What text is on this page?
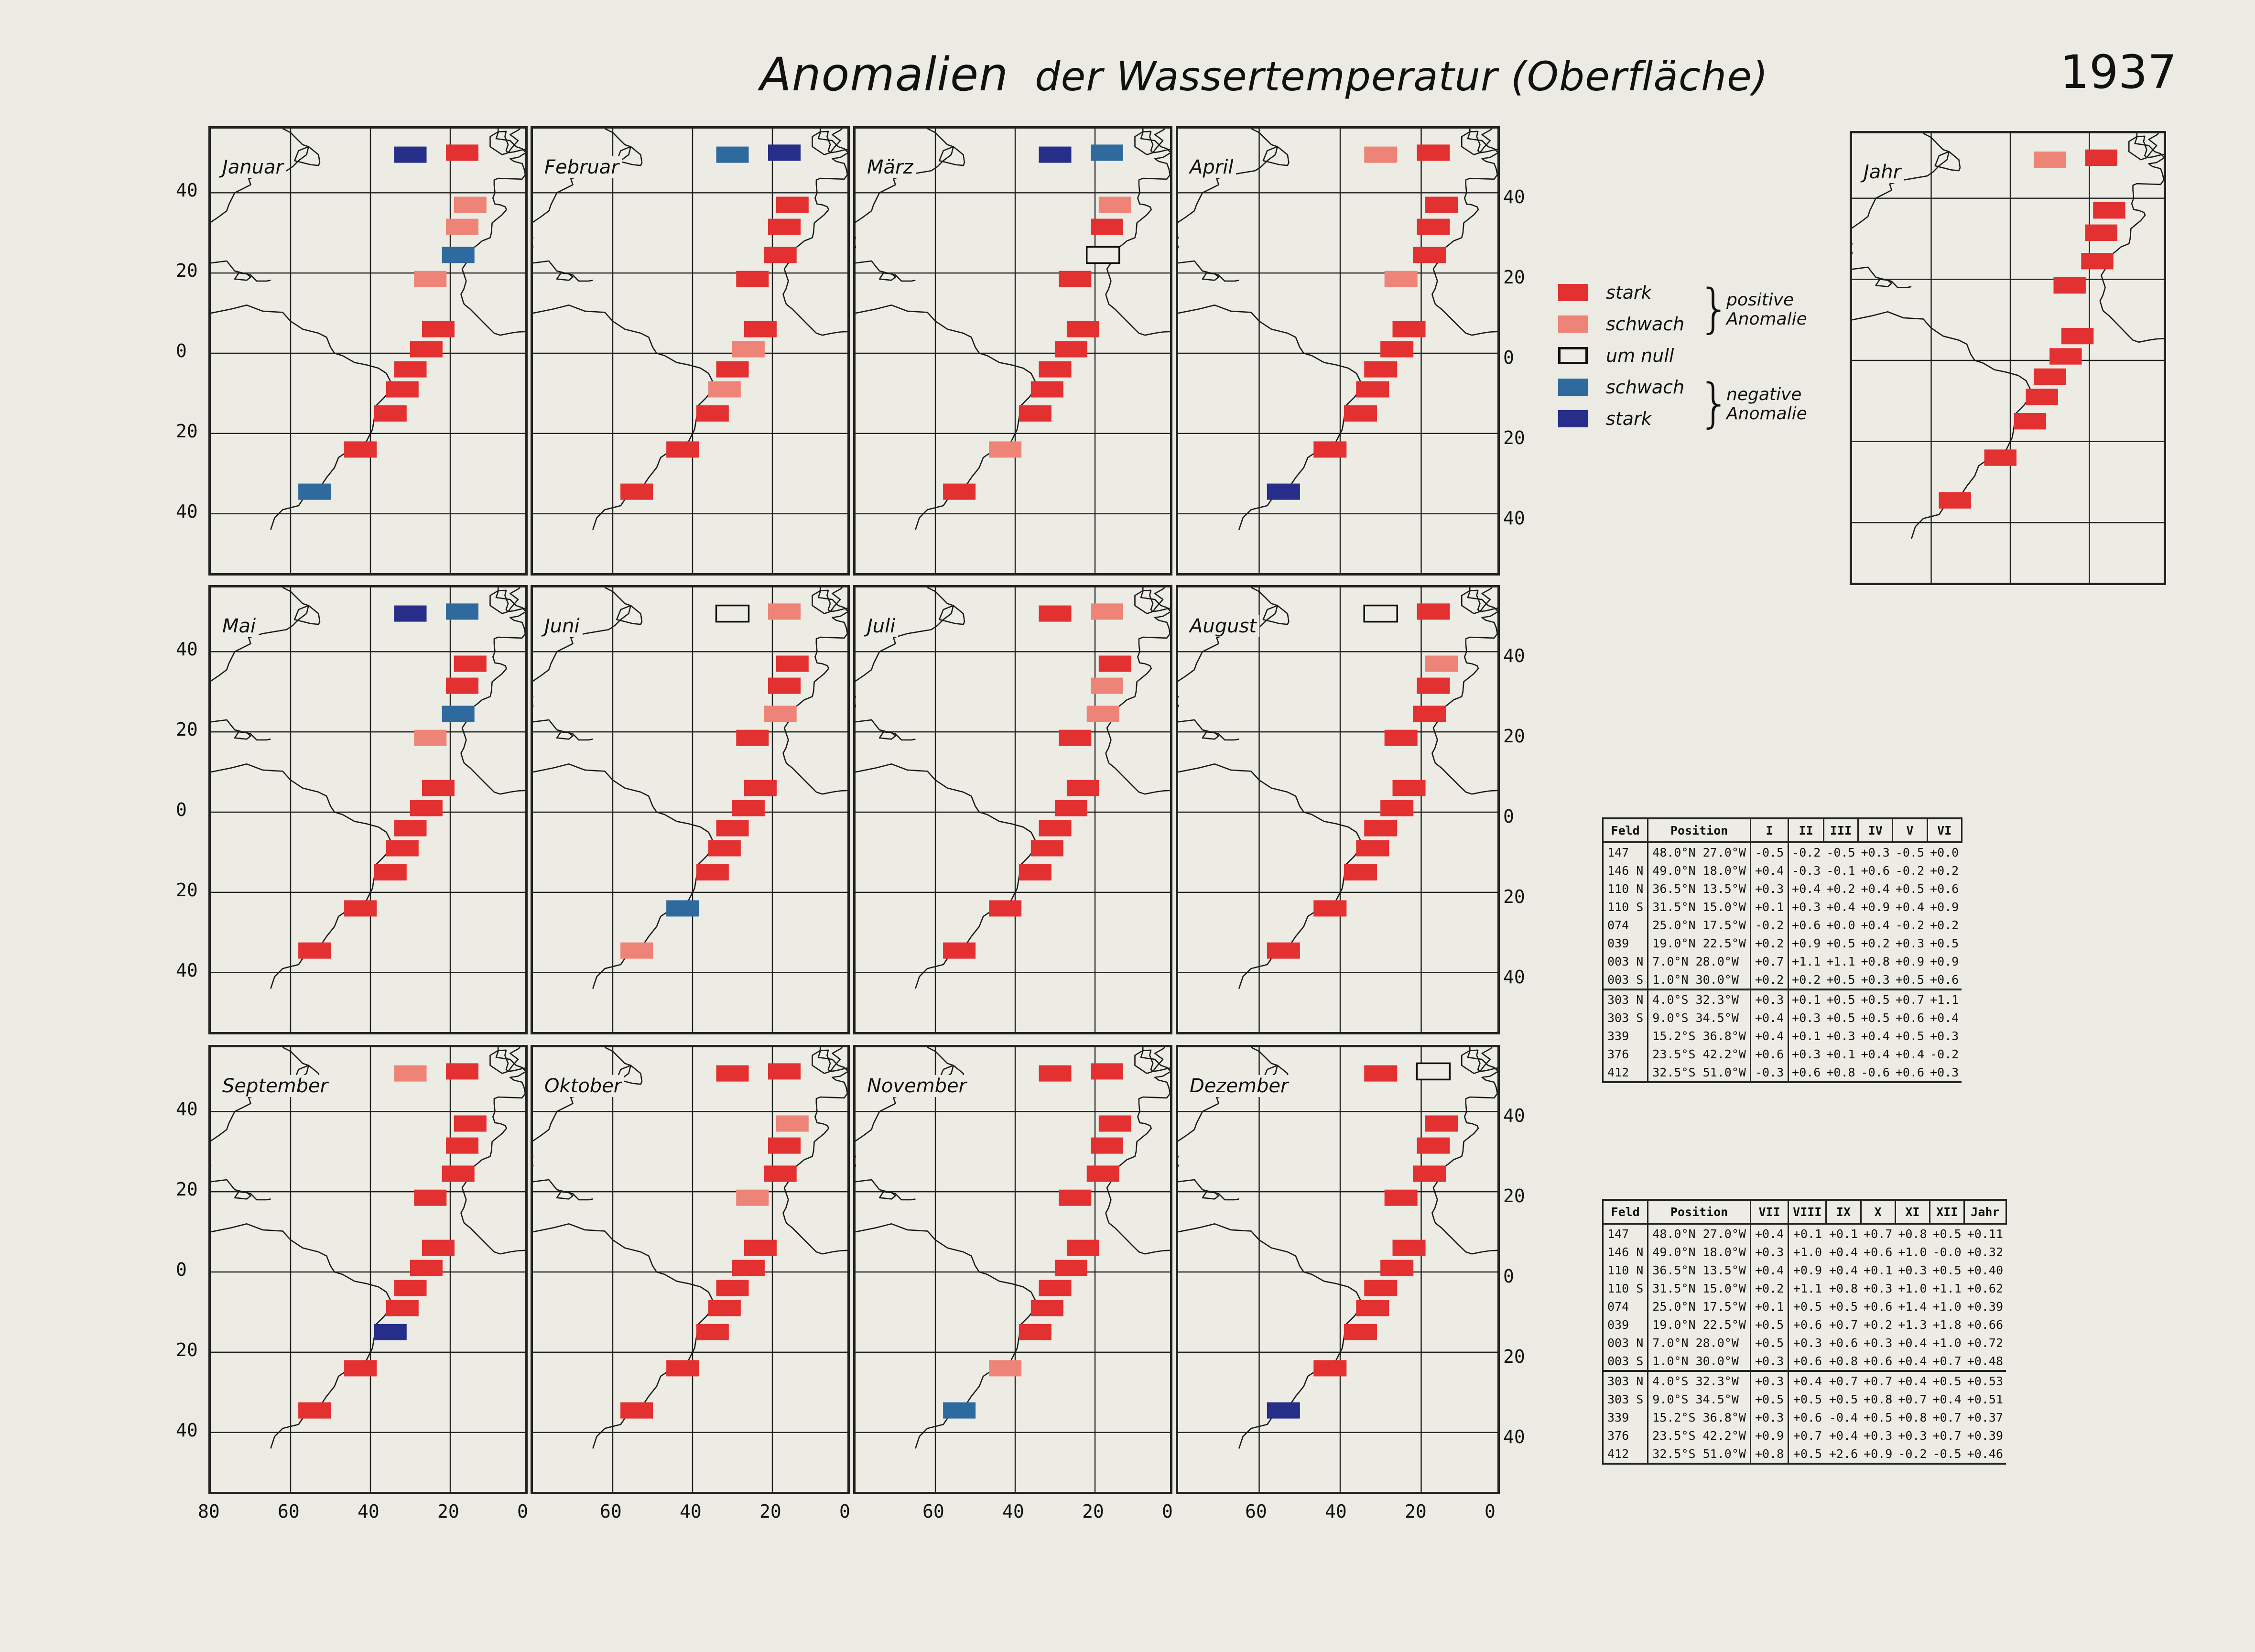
Anomalien der Wassertemperatur (Oberfläche)	1937
Januar	Februar	März	April
Mai	Juni	Juli	August
September	Oktober	November	Dezember
Jahr
stark
schwach
um null
schwach
stark
}
positive
Anomalie
}
negative
Anomalie
Feld	Position	I	II	III	IV	V	VI
147	48.0°N 27.0°W	-0.5	-0.2	-0.5	+0.3	-0.5	+0.0
146 N	49.0°N 18.0°W	+0.4	-0.3	-0.1	+0.6	-0.2	+0.2
110 N	36.5°N 13.5°W	+0.3	+0.4	+0.2	+0.4	+0.5	+0.6
110 S	31.5°N 15.0°W	+0.1	+0.3	+0.4	+0.9	+0.4	+0.9
074	25.0°N 17.5°W	-0.2	+0.6	+0.0	+0.4	-0.2	+0.2
039	19.0°N 22.5°W	+0.2	+0.9	+0.5	+0.2	+0.3	+0.5
003 N	7.0°N 28.0°W	+0.7	+1.1	+1.1	+0.8	+0.9	+0.9
003 S	1.0°N 30.0°W	+0.2	+0.2	+0.5	+0.3	+0.5	+0.6
303 N	4.0°S 32.3°W	+0.3	+0.1	+0.5	+0.5	+0.7	+1.1
303 S	9.0°S 34.5°W	+0.4	+0.3	+0.5	+0.5	+0.6	+0.4
339	15.2°S 36.8°W	+0.4	+0.1	+0.3	+0.4	+0.5	+0.3
376	23.5°S 42.2°W	+0.6	+0.3	+0.1	+0.4	+0.4	-0.2
412	32.5°S 51.0°W	-0.3	+0.6	+0.8	-0.6	+0.6	+0.3
Feld	Position	VII	VIII	IX	X	XI	XII	Jahr
147	48.0°N 27.0°W	+0.4	+0.1	+0.1	+0.7	+0.8	+0.5	+0.11
146 N	49.0°N 18.0°W	+0.3	+1.0	+0.4	+0.6	+1.0	-0.0	+0.32
110 N	36.5°N 13.5°W	+0.4	+0.9	+0.4	+0.1	+0.3	+0.5	+0.40
110 S	31.5°N 15.0°W	+0.2	+1.1	+0.8	+0.3	+1.0	+1.1	+0.62
074	25.0°N 17.5°W	+0.1	+0.5	+0.5	+0.6	+1.4	+1.0	+0.39
039	19.0°N 22.5°W	+0.5	+0.6	+0.7	+0.2	+1.3	+1.8	+0.66
003 N	7.0°N 28.0°W	+0.5	+0.3	+0.6	+0.3	+0.4	+1.0	+0.72
003 S	1.0°N 30.0°W	+0.3	+0.6	+0.8	+0.6	+0.4	+0.7	+0.48
303 N	4.0°S 32.3°W	+0.3	+0.4	+0.7	+0.7	+0.4	+0.5	+0.53
303 S	9.0°S 34.5°W	+0.5	+0.5	+0.5	+0.8	+0.7	+0.4	+0.51
339	15.2°S 36.8°W	+0.3	+0.6	-0.4	+0.5	+0.8	+0.7	+0.37
376	23.5°S 42.2°W	+0.9	+0.7	+0.4	+0.3	+0.3	+0.7	+0.39
412	32.5°S 51.0°W	+0.8	+0.5	+2.6	+0.9	-0.2	-0.5	+0.46
40	40
20	20
0	0
20	20
40	40
40	40
20	20
0	0
20	20
40	40
40	40
20	20
0	0
20	20
40	40
80	60	40	20	0	60	40	20	0	60	40	20	0	60	40	20	0
